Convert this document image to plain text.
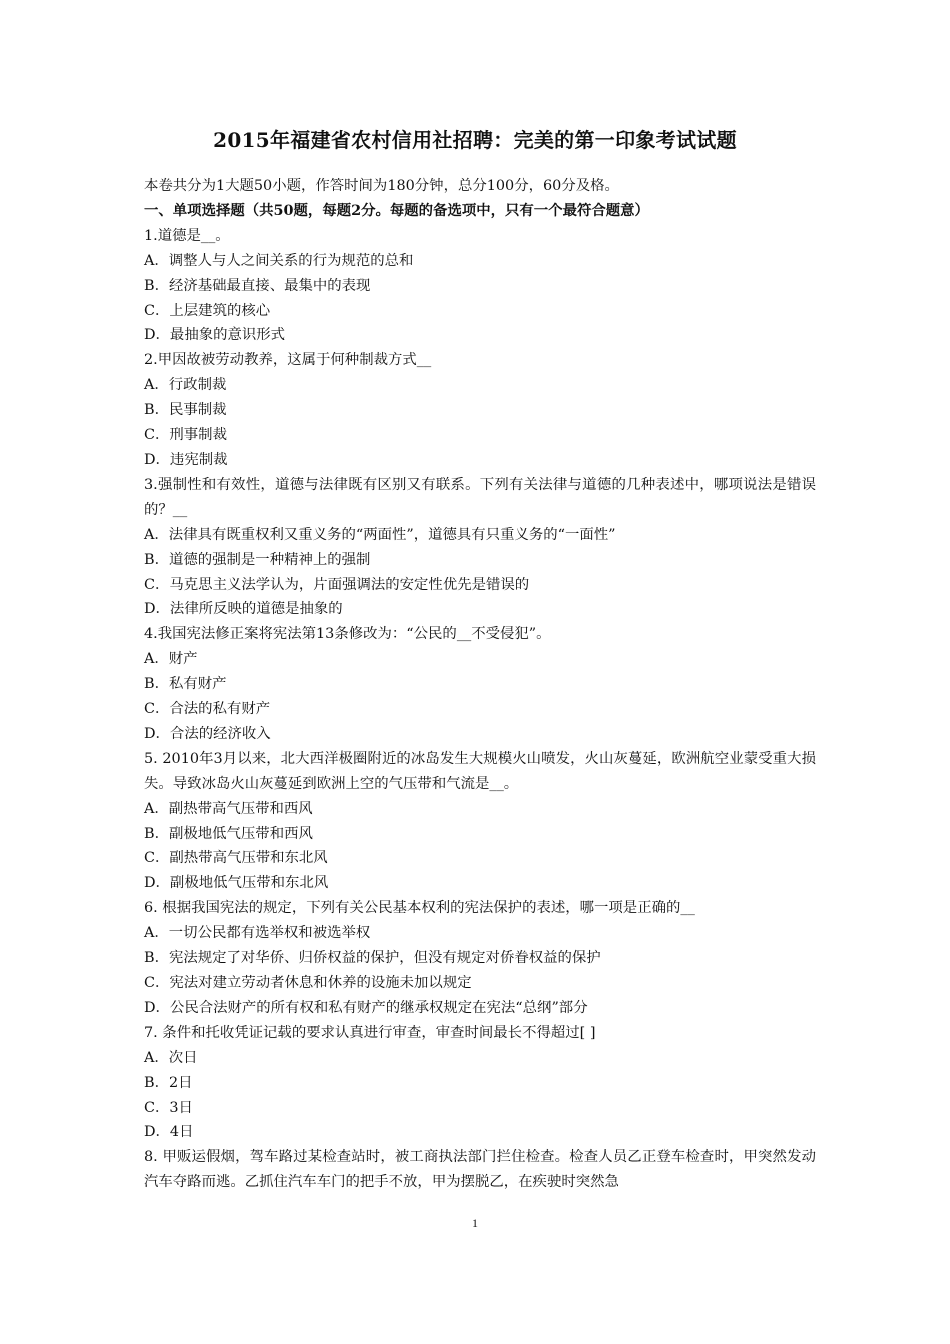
2015年福建省农村信用社招聘：完美的第一印象考试试题

本卷共分为1大题50小题，作答时间为180分钟，总分100分，60分及格。

一、单项选择题（共50题，每题2分。每题的备选项中，只有一个最符合题意）

1.道德是__。

A．调整人与人之间关系的行为规范的总和

B．经济基础最直接、最集中的表现

C．上层建筑的核心

D．最抽象的意识形式

2.甲因故被劳动教养，这属于何种制裁方式__

A．行政制裁

B．民事制裁

C．刑事制裁

D．违宪制裁

3.强制性和有效性，道德与法律既有区别又有联系。下列有关法律与道德的几种表述中，哪项说法是错误的？__

A．法律具有既重权利又重义务的“两面性”，道德具有只重义务的“一面性”

B．道德的强制是一种精神上的强制

C．马克思主义法学认为，片面强调法的安定性优先是错误的

D．法律所反映的道德是抽象的

4.我国宪法修正案将宪法第13条修改为：“公民的__不受侵犯”。

A．财产

B．私有财产

C．合法的私有财产

D．合法的经济收入

5. 2010年3月以来，北大西洋极圈附近的冰岛发生大规模火山喷发，火山灰蔓延，欧洲航空业蒙受重大损失。导致冰岛火山灰蔓延到欧洲上空的气压带和气流是__。

A．副热带高气压带和西风

B．副极地低气压带和西风

C．副热带高气压带和东北风

D．副极地低气压带和东北风

6. 根据我国宪法的规定，下列有关公民基本权利的宪法保护的表述，哪一项是正确的__

A．一切公民都有选举权和被选举权

B．宪法规定了对华侨、归侨权益的保护，但没有规定对侨眷权益的保护

C．宪法对建立劳动者休息和休养的设施未加以规定

D．公民合法财产的所有权和私有财产的继承权规定在宪法“总纲”部分

7. 条件和托收凭证记载的要求认真进行审查，审查时间最长不得超过[ ]

A．次日

B．2日

C．3日

D．4日

8. 甲贩运假烟，驾车路过某检查站时，被工商执法部门拦住检查。检查人员乙正登车检查时，甲突然发动汽车夺路而逃。乙抓住汽车车门的把手不放，甲为摆脱乙，在疾驶时突然急

1
